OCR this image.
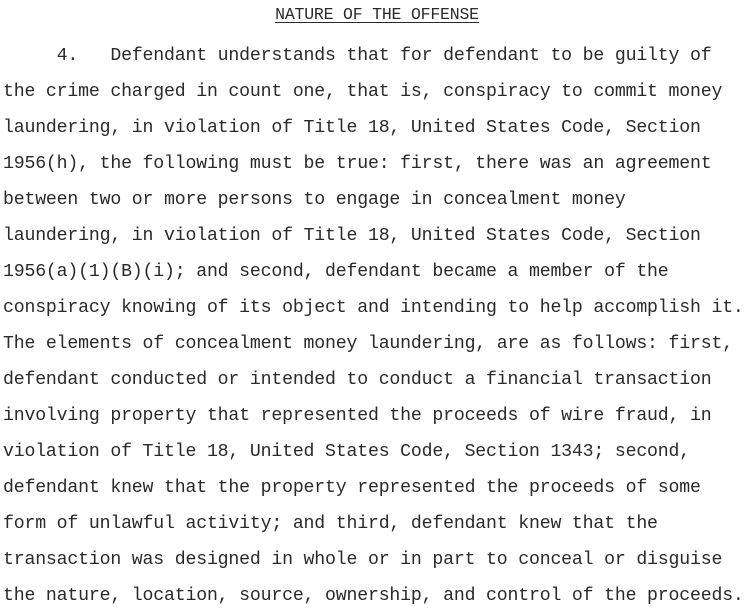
NATURE OF THE OFFENSE
4.   Defendant understands that for defendant to be guilty of
the crime charged in count one, that is, conspiracy to commit money
laundering, in violation of Title 18, United States Code, Section
1956(h), the following must be true: first, there was an agreement
between two or more persons to engage in concealment money
laundering, in violation of Title 18, United States Code, Section
1956(a)(1)(B)(i); and second, defendant became a member of the
conspiracy knowing of its object and intending to help accomplish it.
The elements of concealment money laundering, are as follows: first,
defendant conducted or intended to conduct a financial transaction
involving property that represented the proceeds of wire fraud, in
violation of Title 18, United States Code, Section 1343; second,
defendant knew that the property represented the proceeds of some
form of unlawful activity; and third, defendant knew that the
transaction was designed in whole or in part to conceal or disguise
the nature, location, source, ownership, and control of the proceeds.
